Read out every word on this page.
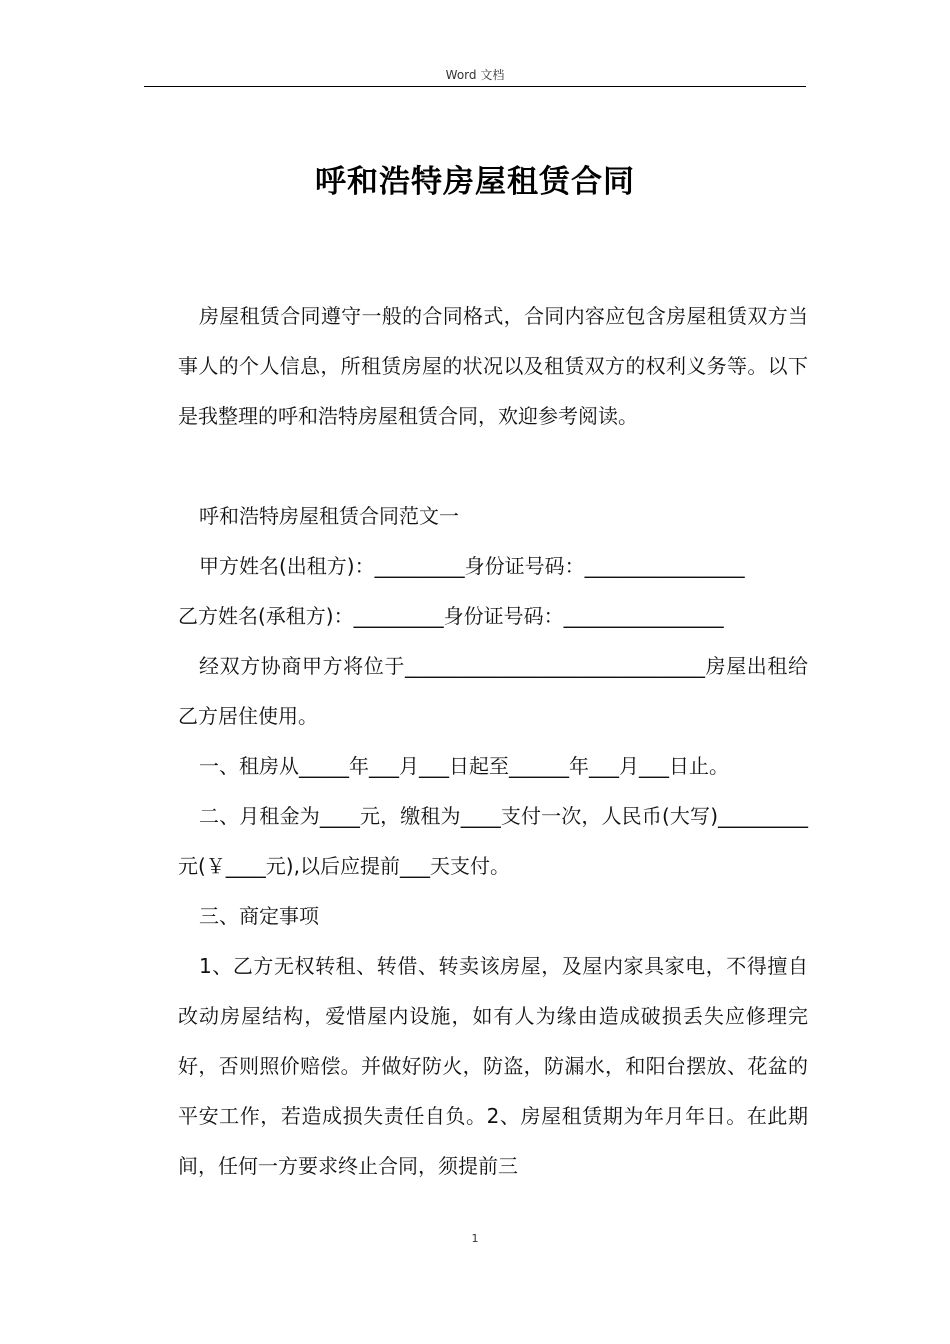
Word 文档
呼和浩特房屋租赁合同

房屋租赁合同遵守一般的合同格式，合同内容应包含房屋租赁双方当事人的个人信息，所租赁房屋的状况以及租赁双方的权利义务等。以下是我整理的呼和浩特房屋租赁合同，欢迎参考阅读。

呼和浩特房屋租赁合同范文一

甲方姓名(出租方)：_________身份证号码：________________

乙方姓名(承租方)：_________身份证号码：________________

经双方协商甲方将位于______________________________房屋出租给乙方居住使用。

一、租房从_____年___月___日起至______年___月___日止。

二、月租金为____元，缴租为____支付一次，人民币(大写)_________元(￥____元),以后应提前___天支付。

三、商定事项

1、乙方无权转租、转借、转卖该房屋，及屋内家具家电，不得擅自改动房屋结构，爱惜屋内设施，如有人为缘由造成破损丢失应修理完好，否则照价赔偿。并做好防火，防盗，防漏水，和阳台摆放、花盆的平安工作，若造成损失责任自负。2、房屋租赁期为年月年日。在此期间，任何一方要求终止合同，须提前三

1
